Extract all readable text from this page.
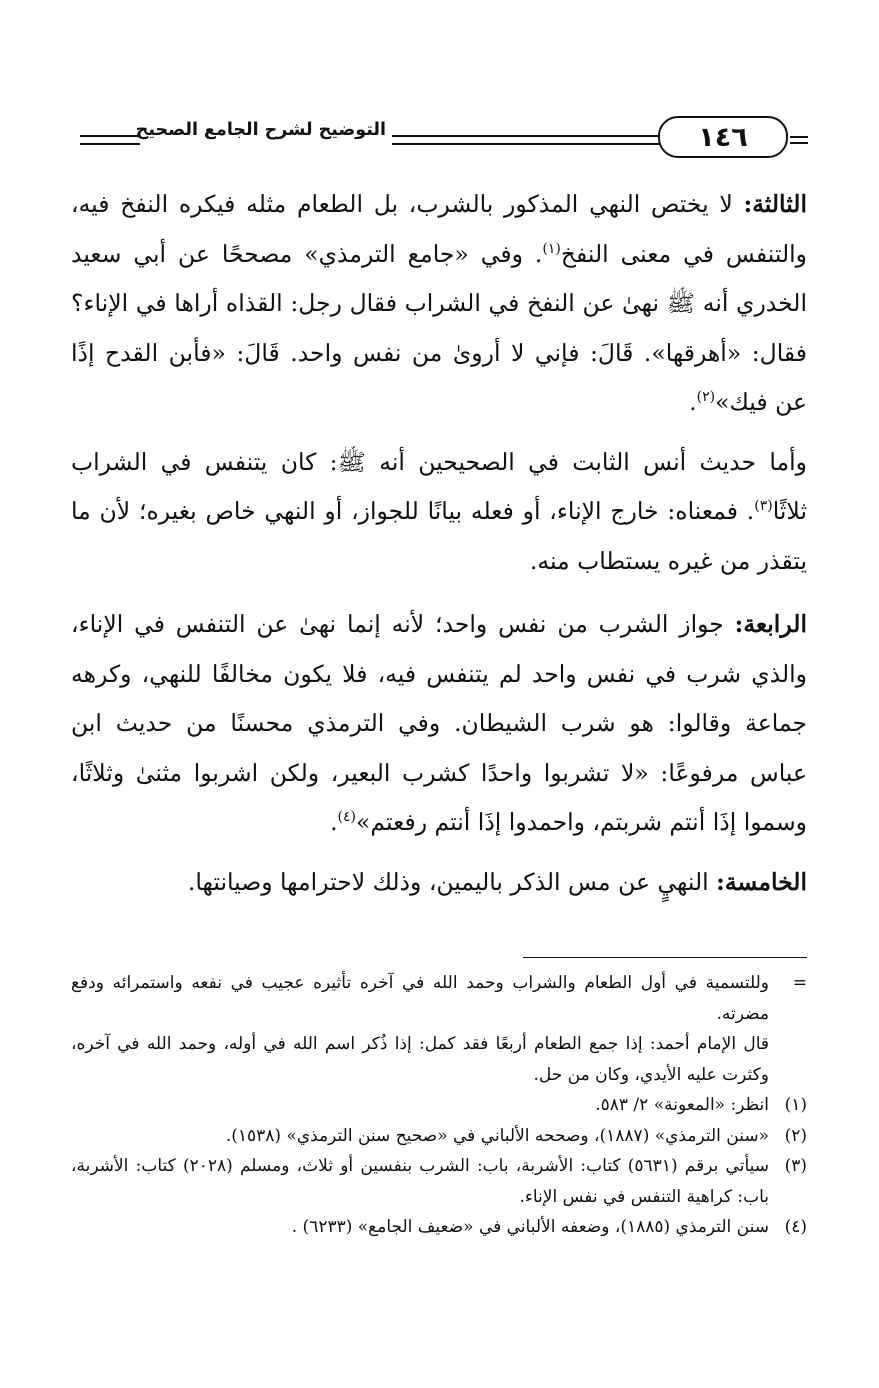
١٤٦
التوضيح لشرح الجامع الصحيح

الثالثة: لا يختص النهي المذكور بالشرب، بل الطعام مثله فيكره النفخ فيه، والتنفس في معنى النفخ$^{(١)}$. وفي «جامع الترمذي» مصححًا عن أبي سعيد الخدري أنه ﷺ نهىٰ عن النفخ في الشراب فقال رجل: القذاه أراها في الإناء؟ فقال: «أهرقها». قَالَ: فإني لا أروىٰ من نفس واحد. قَالَ: «فأبن القدح إذًا عن فيك»$^{(٢)}$.

وأما حديث أنس الثابت في الصحيحين أنه ﷺ: كان يتنفس في الشراب ثلاثًا$^{(٣)}$. فمعناه: خارج الإناء، أو فعله بيانًا للجواز، أو النهي خاص بغيره؛ لأن ما يتقذر من غيره يستطاب منه.

الرابعة: جواز الشرب من نفس واحد؛ لأنه إنما نهىٰ عن التنفس في الإناء، والذي شرب في نفس واحد لم يتنفس فيه، فلا يكون مخالفًا للنهي، وكرهه جماعة وقالوا: هو شرب الشيطان. وفي الترمذي محسنًا من حديث ابن عباس مرفوعًا: «لا تشربوا واحدًا كشرب البعير، ولكن اشربوا مثنىٰ وثلاثًا، وسموا إذَا أنتم شربتم، واحمدوا إذَا أنتم رفعتم»$^{(٤)}$.

الخامسة: النهيٍ عن مس الذكر باليمين، وذلك لاحترامها وصيانتها.

=
وللتسمية في أول الطعام والشراب وحمد الله في آخره تأثيره عجيب في نفعه واستمرائه ودفع مضرته.
قال الإمام أحمد: إذا جمع الطعام أربعًا فقد كمل: إذا ذُكر اسم الله في أوله، وحمد الله في آخره، وكثرت عليه الأيدي، وكان من حل.
(١)
انظر: «المعونة» ٢/ ٥٨٣.
(٢)
«سنن الترمذي» (١٨٨٧)، وصححه الألباني في «صحيح سنن الترمذي» (١٥٣٨).
(٣)
سيأتي برقم (٥٦٣١) كتاب: الأشربة، باب: الشرب بنفسين أو ثلاث، ومسلم (٢٠٢٨) كتاب: الأشربة، باب: كراهية التنفس في نفس الإناء.
(٤)
سنن الترمذي (١٨٨٥)، وضعفه الألباني في «ضعيف الجامع» (٦٢٣٣) .
